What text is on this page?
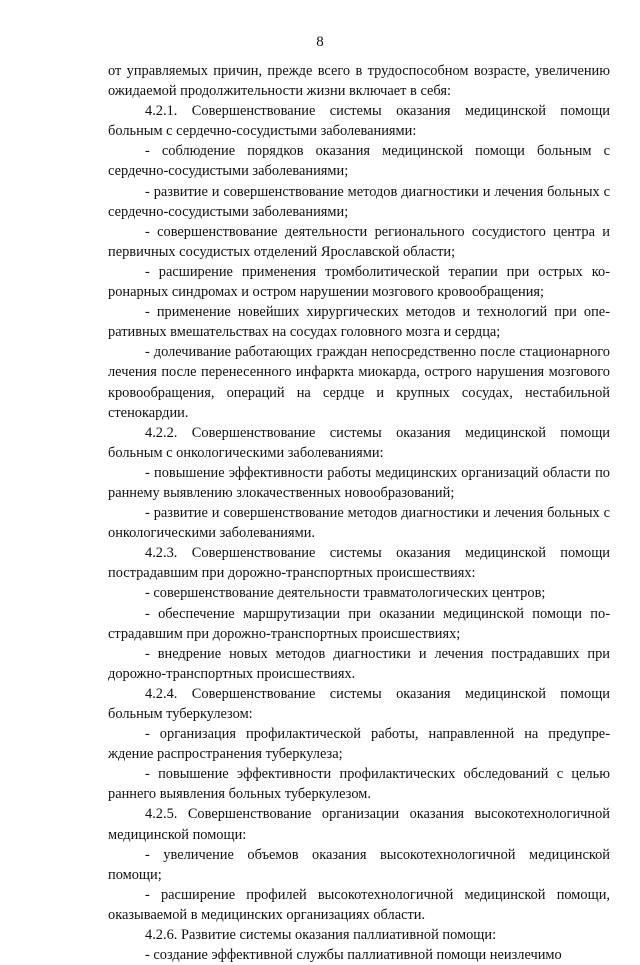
8

от управляемых причин, прежде всего в трудоспособном возрасте, увеличению ожидаемой продолжительности жизни включает в себя:

4.2.1. Совершенствование системы оказания медицинской помощи больным с сердечно-сосудистыми заболеваниями:

- соблюдение порядков оказания медицинской помощи больным с сердечно-сосудистыми заболеваниями;

- развитие и совершенствование методов диагностики и лечения больных с сердечно-сосудистыми заболеваниями;

- совершенствование деятельности регионального сосудистого центра и первичных сосудистых отделений Ярославской области;

- расширение применения тромболитической терапии при острых коронарных синдромах и остром нарушении мозгового кровообращения;

- применение новейших хирургических методов и технологий при оперативных вмешательствах на сосудах головного мозга и сердца;

- долечивание работающих граждан непосредственно после стационарного лечения после перенесенного инфаркта миокарда, острого нарушения мозгового кровообращения, операций на сердце и крупных сосудах, нестабильной стенокардии.

4.2.2. Совершенствование системы оказания медицинской помощи больным с онкологическими заболеваниями:

- повышение эффективности работы медицинских организаций области по раннему выявлению злокачественных новообразований;

- развитие и совершенствование методов диагностики и лечения больных с онкологическими заболеваниями.

4.2.3. Совершенствование системы оказания медицинской помощи пострадавшим при дорожно-транспортных происшествиях:

- совершенствование деятельности травматологических центров;

- обеспечение маршрутизации при оказании медицинской помощи пострадавшим при дорожно-транспортных происшествиях;

- внедрение новых методов диагностики и лечения пострадавших при дорожно-транспортных происшествиях.

4.2.4. Совершенствование системы оказания медицинской помощи больным туберкулезом:

- организация профилактической работы, направленной на предупреждение распространения туберкулеза;

- повышение эффективности профилактических обследований с целью раннего выявления больных туберкулезом.

4.2.5. Совершенствование организации оказания высокотехнологичной медицинской помощи:

- увеличение объемов оказания высокотехнологичной медицинской помощи;

- расширение профилей высокотехнологичной медицинской помощи, оказываемой в медицинских организациях области.

4.2.6. Развитие системы оказания паллиативной помощи:

- создание эффективной службы паллиативной помощи неизлечимо
